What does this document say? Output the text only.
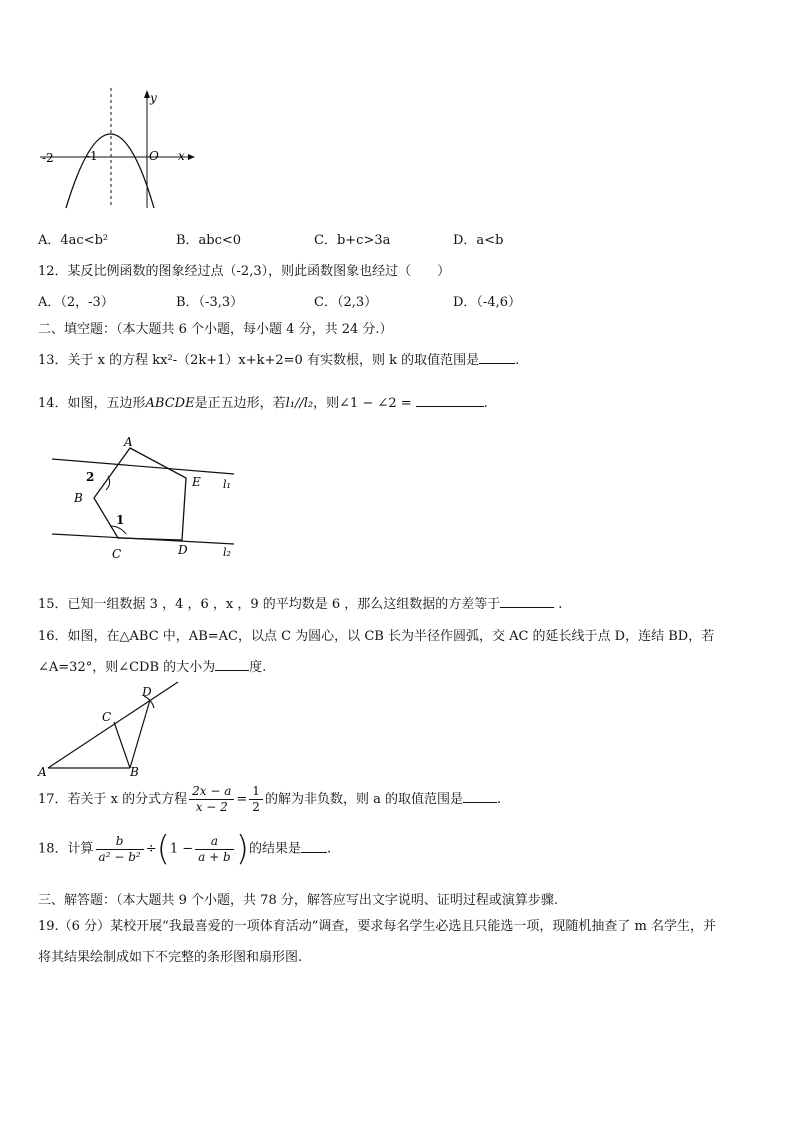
-2	-1	O x
y
A．4ac<b²	B．abc<0	C．b+c>3a	D．a<b
12．某反比例函数的图象经过点（-2,3），则此函数图象也经过（　　）
A．（2，-3）	B．（-3,3）	C．（2,3）	D．（-4,6）
二、填空题：（本大题共 6 个小题，每小题 4 分，共 24 分.）
13．关于 x 的方程 kx²-（2k+1）x+k+2=0 有实数根，则 k 的取值范围是	.
14．如图，五边形ABCDE是正五边形，若l₁//l₂，则∠1 − ∠2 =	.
A
B
C	D
E
2
1
l₁
l₂
15．已知一组数据 3 ，4 ，6 ，x ，9 的平均数是 6 ，那么这组数据的方差等于	.
16．如图，在△ABC 中，AB=AC，以点 C 为圆心，以 CB 长为半径作圆弧，交 AC 的延长线于点 D，连结 BD，若
∠A=32°，则∠CDB 的大小为	度.
A	B
C
D
17．若关于 x 的分式方程 $\frac{2x - a}{x - 2} = \frac{1}{2}$ 的解为非负数，则 a 的取值范围是	.
18．计算 $\frac{b}{\text{a² − b²}} \div(1 - \frac{a}{a + b}$ )的结果是 .
三、解答题：（本大题共 9 个小题，共 78 分，解答应写出文字说明、证明过程或演算步骤.
19.（6 分）某校开展“我最喜爱的一项体育活动”调查，要求每名学生必选且只能选一项，现随机抽查了 m 名学生，并
将其结果绘制成如下不完整的条形图和扇形图.
